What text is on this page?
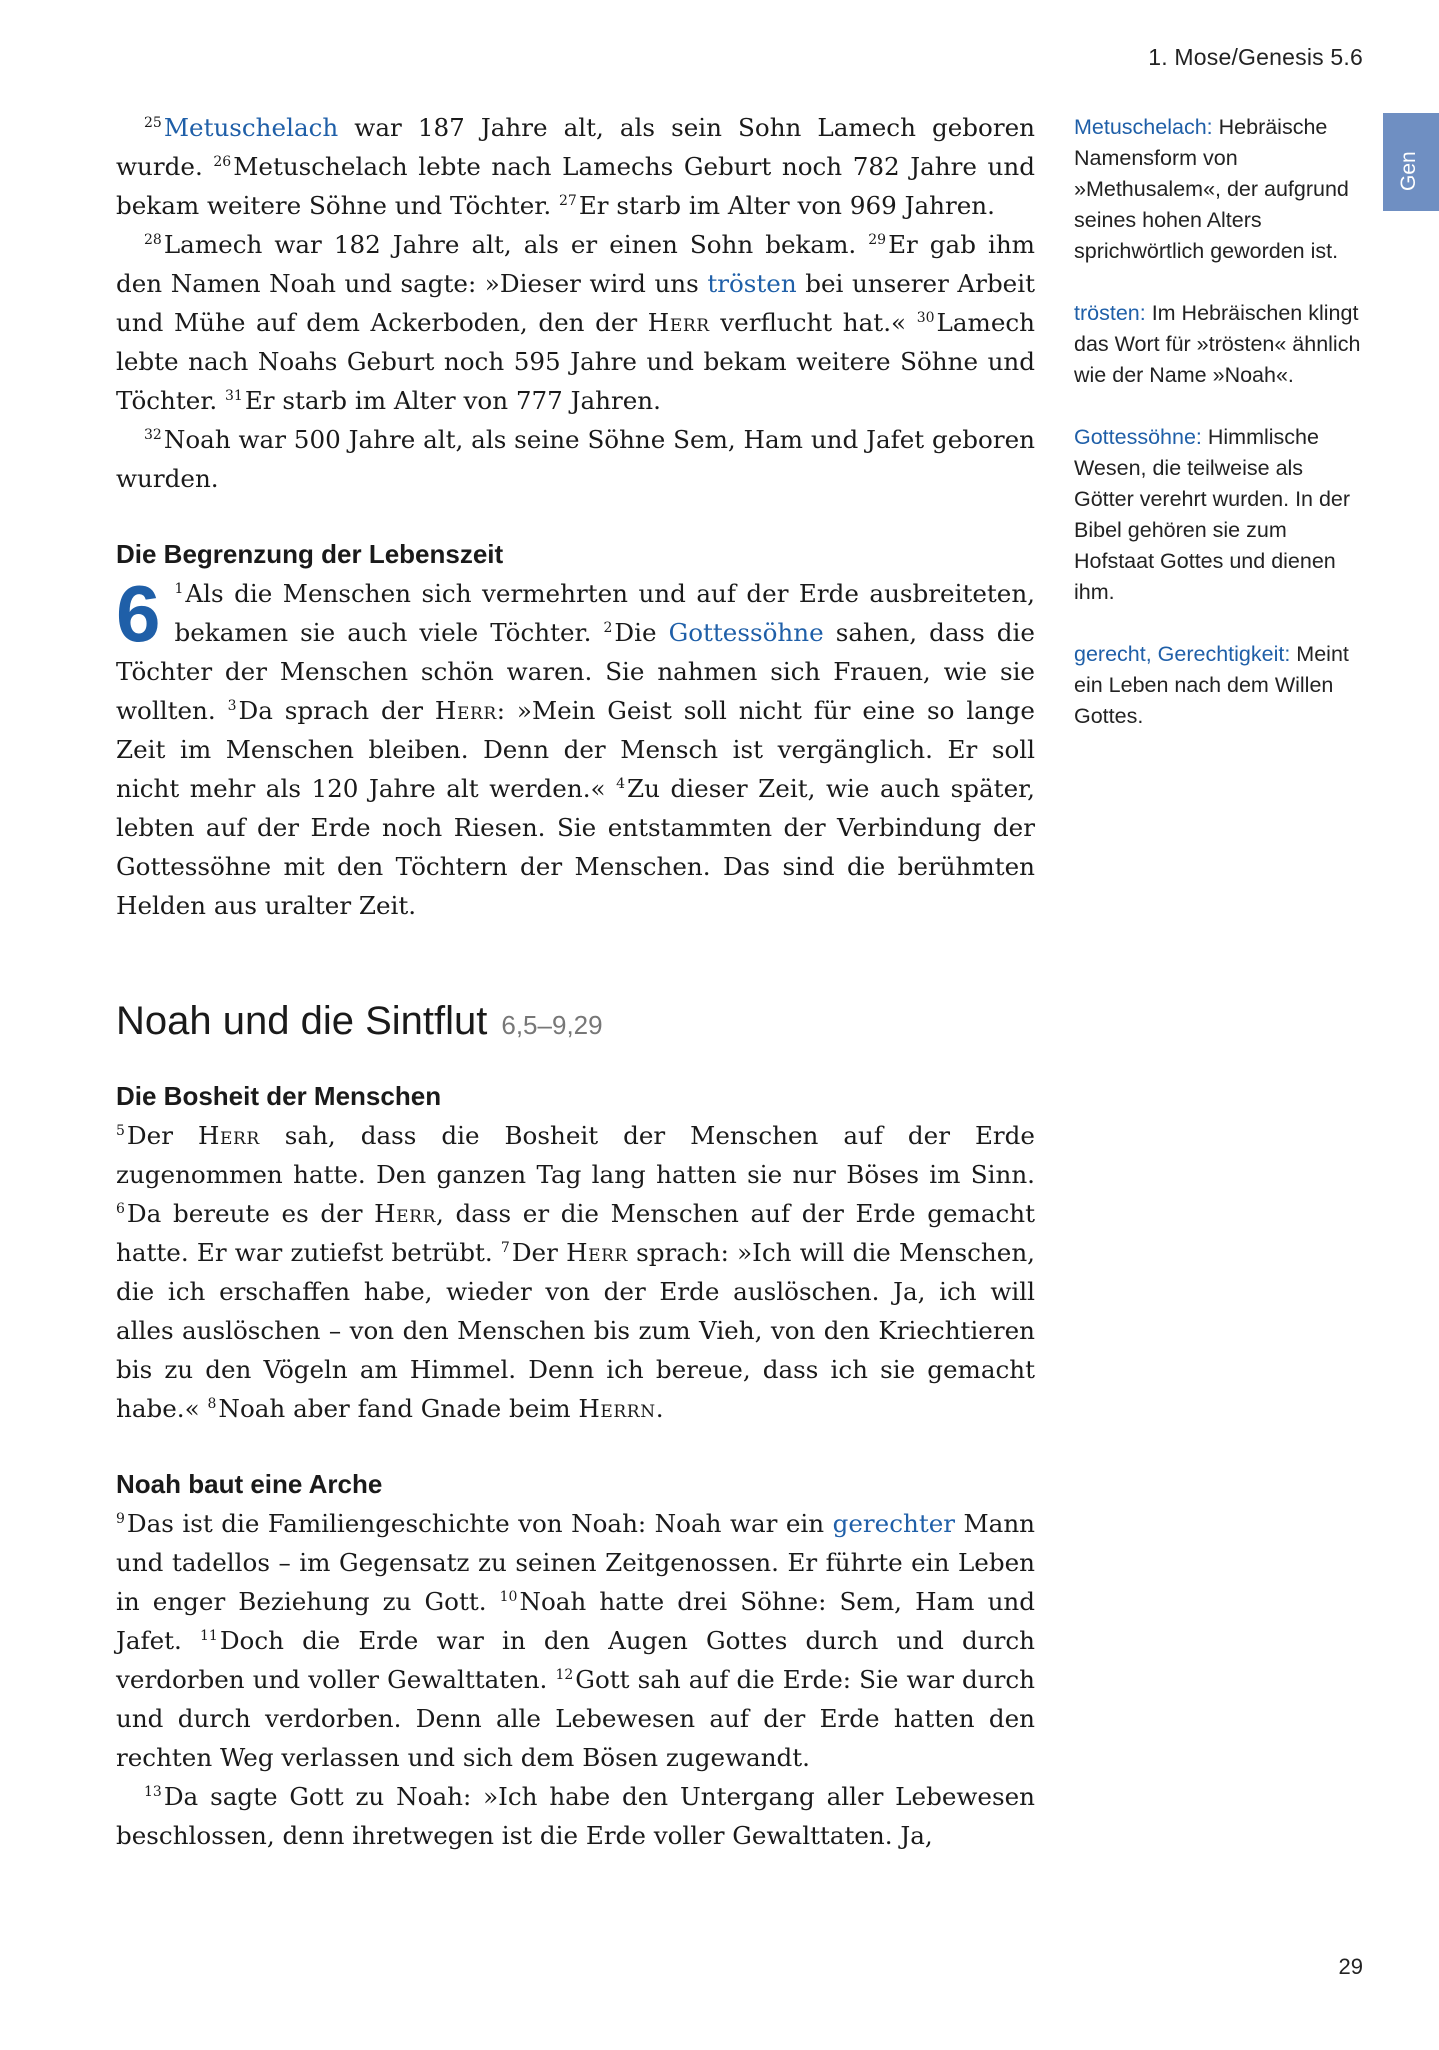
1. Mose/Genesis 5.6
Gen

$^{25}$Metuschelach war 187 Jahre alt, als sein Sohn Lamech geboren wurde. $^{26}$Metuschelach lebte nach Lamechs Geburt noch 782 Jahre und bekam weitere Söhne und Töchter. $^{27}$Er starb im Alter von 969 Jahren.

$^{28}$Lamech war 182 Jahre alt, als er einen Sohn bekam. $^{29}$Er gab ihm den Namen Noah und sagte: »Dieser wird uns trösten bei unserer Arbeit und Mühe auf dem Ackerboden, den der Herr verflucht hat.« $^{30}$Lamech lebte nach Noahs Geburt noch 595 Jahre und bekam weitere Söhne und Töchter. $^{31}$Er starb im Alter von 777 Jahren.

$^{32}$Noah war 500 Jahre alt, als seine Söhne Sem, Ham und Jafet geboren wurden.

Die Begrenzung der Lebenszeit

6 $^1$Als die Menschen sich vermehrten und auf der Erde ausbreiteten, bekamen sie auch viele Töchter. $^2$Die Gottessöhne sahen, dass die Töchter der Menschen schön waren. Sie nahmen sich Frauen, wie sie wollten. $^3$Da sprach der Herr: »Mein Geist soll nicht für eine so lange Zeit im Menschen bleiben. Denn der Mensch ist vergänglich. Er soll nicht mehr als 120 Jahre alt werden.« $^4$Zu dieser Zeit, wie auch später, lebten auf der Erde noch Riesen. Sie entstammten der Verbindung der Gottessöhne mit den Töchtern der Menschen. Das sind die berühmten Helden aus uralter Zeit.

Noah und die Sintflut 6,5–9,29
Die Bosheit der Menschen

$^5$Der Herr sah, dass die Bosheit der Menschen auf der Erde zugenommen hatte. Den ganzen Tag lang hatten sie nur Böses im Sinn. $^6$Da bereute es der Herr, dass er die Menschen auf der Erde gemacht hatte. Er war zutiefst betrübt. $^7$Der Herr sprach: »Ich will die Menschen, die ich erschaffen habe, wieder von der Erde auslöschen. Ja, ich will alles auslöschen – von den Menschen bis zum Vieh, von den Kriechtieren bis zu den Vögeln am Himmel. Denn ich bereue, dass ich sie gemacht habe.« $^8$Noah aber fand Gnade beim Herrn.

Noah baut eine Arche

$^9$Das ist die Familiengeschichte von Noah: Noah war ein gerechter Mann und tadellos – im Gegensatz zu seinen Zeitgenossen. Er führte ein Leben in enger Beziehung zu Gott. $^{10}$Noah hatte drei Söhne: Sem, Ham und Jafet. $^{11}$Doch die Erde war in den Augen Gottes durch und durch verdorben und voller Gewalttaten. $^{12}$Gott sah auf die Erde: Sie war durch und durch verdorben. Denn alle Lebewesen auf der Erde hatten den rechten Weg verlassen und sich dem Bösen zugewandt.

$^{13}$Da sagte Gott zu Noah: »Ich habe den Untergang aller Lebewesen beschlossen, denn ihretwegen ist die Erde voller Gewalttaten. Ja,

Metuschelach: Hebräische Namensform von »Methusalem«, der aufgrund seines hohen Alters sprichwörtlich geworden ist.
trösten: Im Hebräischen klingt das Wort für »trösten« ähnlich wie der Name »Noah«.
Gottessöhne: Himmlische Wesen, die teilweise als Götter verehrt wurden. In der Bibel gehören sie zum Hofstaat Gottes und dienen ihm.
gerecht, Gerechtigkeit: Meint ein Leben nach dem Willen Gottes.
29
